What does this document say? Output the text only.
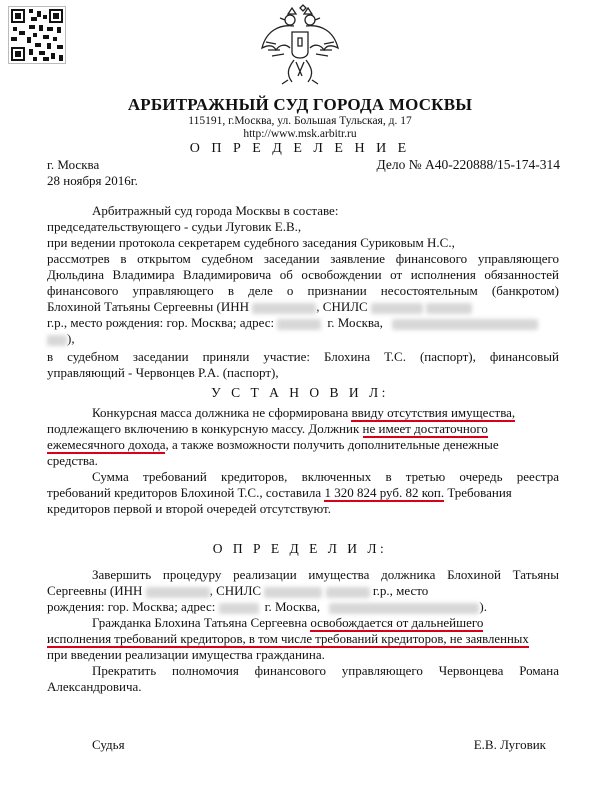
АРБИТРАЖНЫЙ СУД ГОРОДА МОСКВЫ
115191, г.Москва, ул. Большая Тульская, д. 17
http://www.msk.arbitr.ru
О П Р Е Д Е Л Е Н И Е
г. Москва	Дело № А40-220888/15-174-314
28 ноября 2016г.
Арбитражный суд города Москвы в составе:
председательствующего - судьи Луговик Е.В.,
при ведении протокола секретарем судебного заседания Суриковым Н.С.,
рассмотрев в открытом судебном заседании заявление финансового управляющего
Дюльдина Владимира Владимировича об освобождении от исполнения обязанностей
финансового управляющего в деле о признании несостоятельным (банкротом)
Блохиной Татьяны Сергеевны (ИНН	, СНИЛС
г.р., место рождения: гор. Москва; адрес:	г. Москва,
),
в судебном заседании приняли участие: Блохина Т.С. (паспорт), финансовый
управляющий - Червонцев Р.А. (паспорт),
У С Т А Н О В И Л:
Конкурсная масса должника не сформирована ввиду отсутствия имущества,
подлежащего включению в конкурсную массу. Должник не имеет достаточного
ежемесячного дохода, а также возможности получить дополнительные денежные
средства.
Сумма требований кредиторов, включенных в третью очередь реестра
требований кредиторов Блохиной Т.С., составила 1 320 824 руб. 82 коп. Требования
кредиторов первой и второй очередей отсутствуют.
О П Р Е Д Е Л И Л:
Завершить процедуру реализации имущества должника Блохиной Татьяны
Сергеевны (ИНН	, СНИЛС	г.р., место
рождения: гор. Москва; адрес:	г. Москва,	).
Гражданка Блохина Татьяна Сергеевна освобождается от дальнейшего
исполнения требований кредиторов, в том числе требований кредиторов, не заявленных
при введении реализации имущества гражданина.
Прекратить полномочия финансового управляющего Червонцева Романа
Александровича.
Судья	Е.В. Луговик
